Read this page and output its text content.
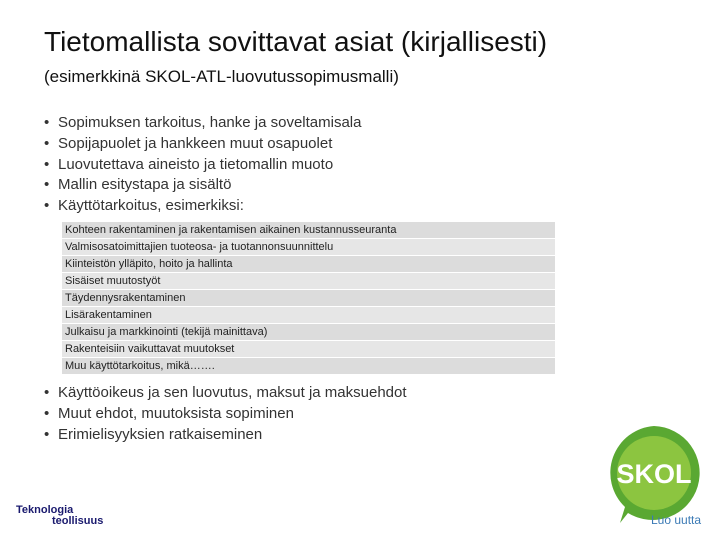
Tietomallista sovittavat asiat (kirjallisesti)
(esimerkkinä SKOL-ATL-luovutussopimusmalli)
• Sopimuksen tarkoitus, hanke ja soveltamisala
• Sopijapuolet ja hankkeen muut osapuolet
• Luovutettava aineisto ja tietomallin muoto
• Mallin esitystapa ja sisältö
• Käyttötarkoitus, esimerkiksi:
Kohteen rakentaminen ja rakentamisen aikainen kustannusseuranta
Valmisosatoimittajien tuoteosa- ja tuotannonsuunnittelu
Kiinteistön ylläpito, hoito ja hallinta
Sisäiset muutostyöt
Täydennysrakentaminen
Lisärakentaminen
Julkaisu ja markkinointi (tekijä mainittava)
Rakenteisiin vaikuttavat muutokset
Muu käyttötarkoitus, mikä…….
• Käyttöoikeus ja sen luovutus, maksut ja maksuehdot
• Muut ehdot, muutoksista sopiminen
• Erimielisyyksien ratkaiseminen
Teknologia
teollisuus
SKOL
Luo uutta
